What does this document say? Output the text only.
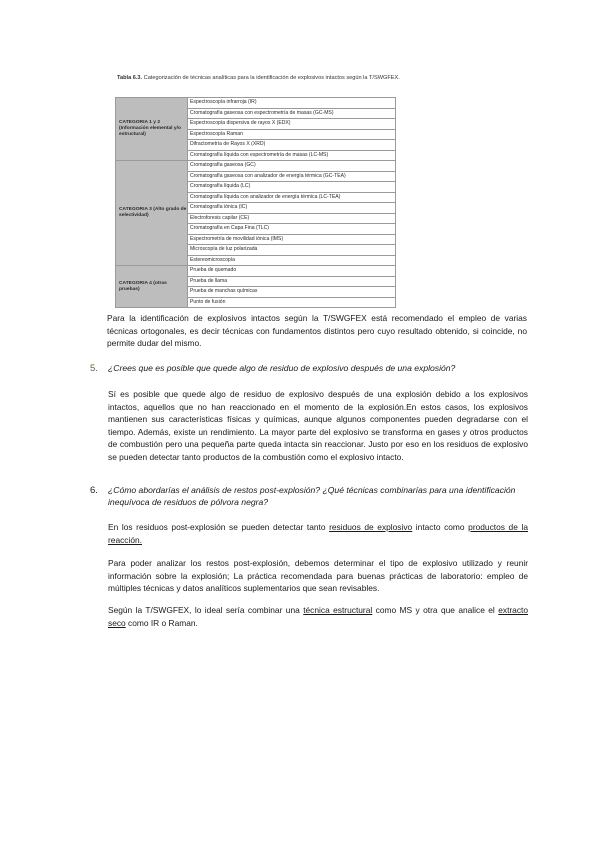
Tabla 6.3. Categorización de técnicas analíticas para la identificación de explosivos intactos según la T/SWGFEX.
CATEGORIA 1 y 2 (Información elemental y/o estructural)	Espectroscopía infrarroja (IR)
	Cromatografía gaseosa con espectrometría de masas (GC-MS)
	Espectroscopía dispersiva de rayos X (EDX)
	Espectroscopía Raman
	Difractometría de Rayos X (XRD)
	Cromatografía líquida con espectrometría de masas (LC-MS)
CATEGORIA 3 (Alto grado de selectividad)	Cromatografía gaseosa (GC)
	Cromatografía gaseosa con analizador de energía térmica (GC-TEA)
	Cromatografía líquida (LC)
	Cromatografía líquida con analizador de energía térmica (LC-TEA)
	Cromatografía iónica (IC)
	Electroforesis capilar (CE)
	Cromatografía en Capa Fina (TLC)
	Espectrometría de movilidad iónica (IMS)
	Microscopía de luz polarizada
	Estereomicroscopía
CATEGORIA 4 (otras pruebas)	Prueba de quemado
	Prueba de llama
	Prueba de manchas químicas
	Punto de fusión

Para la identificación de explosivos intactos según la T/SWGFEX está recomendado el empleo de varias técnicas ortogonales, es decir técnicas con fundamentos distintos pero cuyo resultado obtenido, si coincide, no permite dudar del mismo.

5. ¿Crees que es posible que quede algo de residuo de explosivo después de una explosión?

Sí es posible que quede algo de residuo de explosivo después de una explosión debido a los explosivos intactos, aquellos que no han reaccionado en el momento de la explosión.En estos casos, los explosivos mantienen sus características físicas y químicas, aunque algunos componentes pueden degradarse con el tiempo. Además, existe un rendimiento. La mayor parte del explosivo se transforma en gases y otros productos de combustión pero una pequeña parte queda intacta sin reaccionar. Justo por eso en los residuos de explosivo se pueden detectar tanto productos de la combustión como el explosivo intacto.

6. ¿Cómo abordarías el análisis de restos post-explosión? ¿Qué técnicas combinarías para una identificación inequívoca de residuos de pólvora negra?

En los residuos post-explosión se pueden detectar tanto residuos de explosivo intacto como productos de la reacción.

Para poder analizar los restos post-explosión, debemos determinar el tipo de explosivo utilizado y reunir información sobre la explosión; La práctica recomendada para buenas prácticas de laboratorio: empleo de múltiples técnicas y datos analíticos suplementarios que sean revisables.

Según la T/SWGFEX, lo ideal sería combinar una técnica estructural como MS y otra que analice el extracto seco como IR o Raman.
